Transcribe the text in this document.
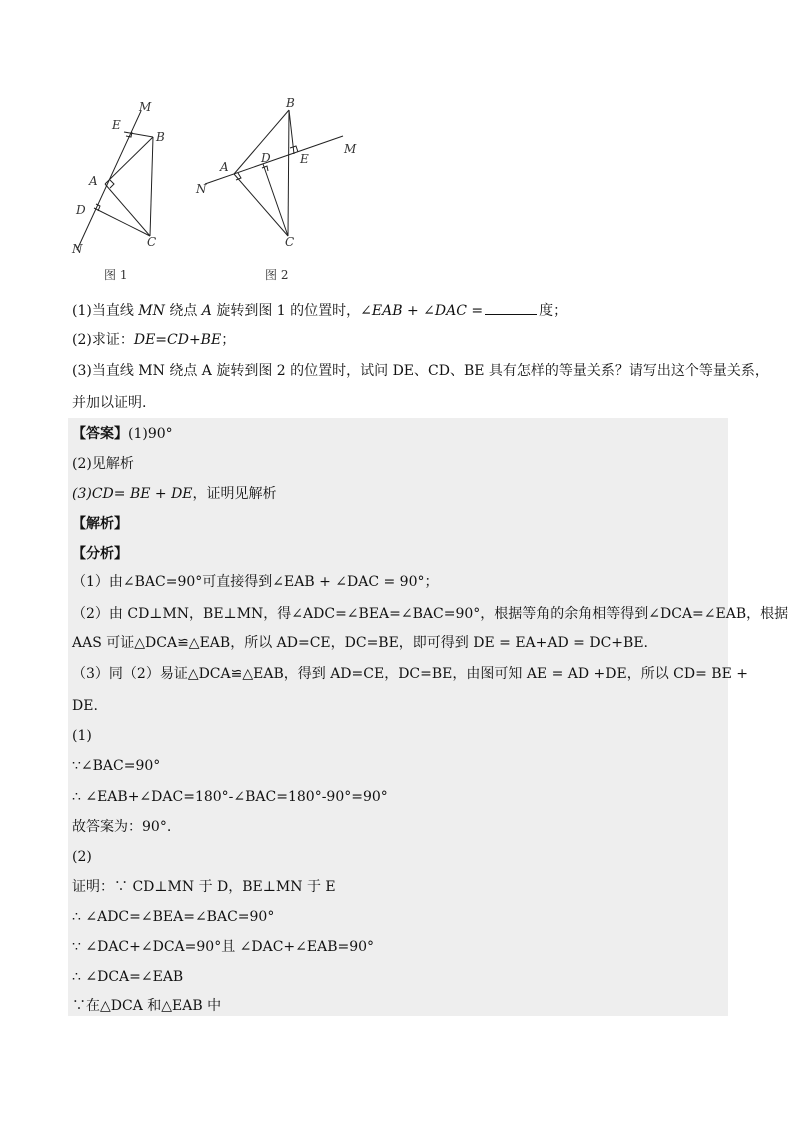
M
E
B
A
D
N	C
图 1
B
A
D E
M
N
C
图 2
(1)当直线 MN 绕点 A 旋转到图 1 的位置时，∠EAB + ∠DAC =	度；
(2)求证：DE=CD+BE；
(3)当直线 MN 绕点 A 旋转到图 2 的位置时，试问 DE、CD、BE 具有怎样的等量关系？请写出这个等量关系，
并加以证明.
【答案】(1)90°
(2)见解析
(3)CD= BE + DE，证明见解析
【解析】
【分析】
（1）由∠BAC=90°可直接得到∠EAB + ∠DAC = 90°；
（2）由 CD⊥MN，BE⊥MN，得∠ADC=∠BEA=∠BAC=90°，根据等角的余角相等得到∠DCA=∠EAB，根据
AAS 可证△DCA≌△EAB，所以 AD=CE，DC=BE，即可得到 DE = EA+AD = DC+BE.
（3）同（2）易证△DCA≌△EAB，得到 AD=CE，DC=BE，由图可知 AE = AD +DE，所以 CD= BE +
DE.
(1)
∵∠BAC=90°
∴ ∠EAB+∠DAC=180°-∠BAC=180°-90°=90°
故答案为：90°.
(2)
证明：∵ CD⊥MN 于 D，BE⊥MN 于 E
∴ ∠ADC=∠BEA=∠BAC=90°
∵ ∠DAC+∠DCA=90°且 ∠DAC+∠EAB=90°
∴ ∠DCA=∠EAB
∵在△DCA 和△EAB 中
